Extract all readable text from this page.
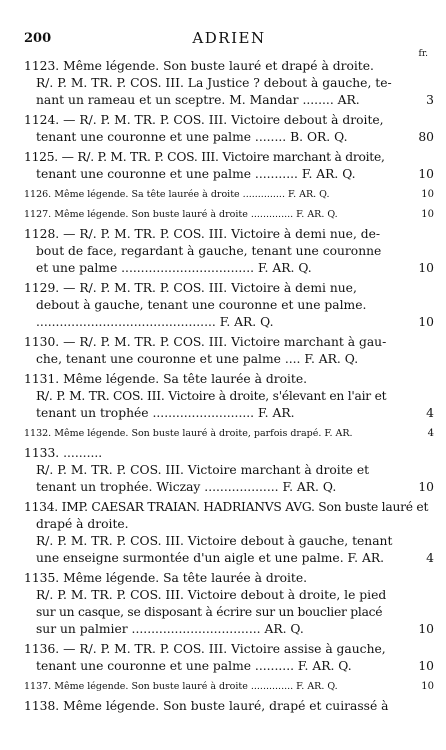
200	ADRIEN
fr.
1123. Même légende. Son buste lauré et drapé à droite.
R/. P. M. TR. P. COS. III. La Justice ? debout à gauche, te-
nant un rameau et un sceptre. M. Mandar ........ AR.	3
1124. — R/. P. M. TR. P. COS. III. Victoire debout à droite,
tenant une couronne et une palme ........ B. OR. Q.	80
1125. — R/. P. M. TR. P. COS. III. Victoire marchant à droite,
tenant une couronne et une palme ........... F. AR. Q.	10
1126. Même légende. Sa tête laurée à droite .............. F. AR. Q.	10
1127. Même légende. Son buste lauré à droite .............. F. AR. Q.	10
1128. — R/. P. M. TR. P. COS. III. Victoire à demi nue, de-
bout de face, regardant à gauche, tenant une couronne
et une palme .................................. F. AR. Q.	10
1129. — R/. P. M. TR. P. COS. III. Victoire à demi nue,
debout à gauche, tenant une couronne et une palme.
.............................................. F. AR. Q.	10
1130. — R/. P. M. TR. P. COS. III. Victoire marchant à gau-
che, tenant une couronne et une palme .... F. AR. Q.
1131. Même légende. Sa tête laurée à droite.
R/. P. M. TR. COS. III. Victoire à droite, s'élevant en l'air et
tenant un trophée .......................... F. AR.	4
1132. Même légende. Son buste lauré à droite, parfois drapé. F. AR.	4
1133. ..........
R/. P. M. TR. P. COS. III. Victoire marchant à droite et
tenant un trophée. Wiczay ................... F. AR. Q.	10
1134. IMP. CAESAR TRAIAN. HADRIANVS AVG. Son buste lauré et
drapé à droite.
R/. P. M. TR. P. COS. III. Victoire debout à gauche, tenant
une enseigne surmontée d'un aigle et une palme. F. AR.	4
1135. Même légende. Sa tête laurée à droite.
R/. P. M. TR. P. COS. III. Victoire debout à droite, le pied
sur un casque, se disposant à écrire sur un bouclier placé
sur un palmier ................................. AR. Q.	10
1136. — R/. P. M. TR. P. COS. III. Victoire assise à gauche,
tenant une couronne et une palme .......... F. AR. Q.	10
1137. Même légende. Son buste lauré à droite .............. F. AR. Q.	10
1138. Même légende. Son buste lauré, drapé et cuirassé à
